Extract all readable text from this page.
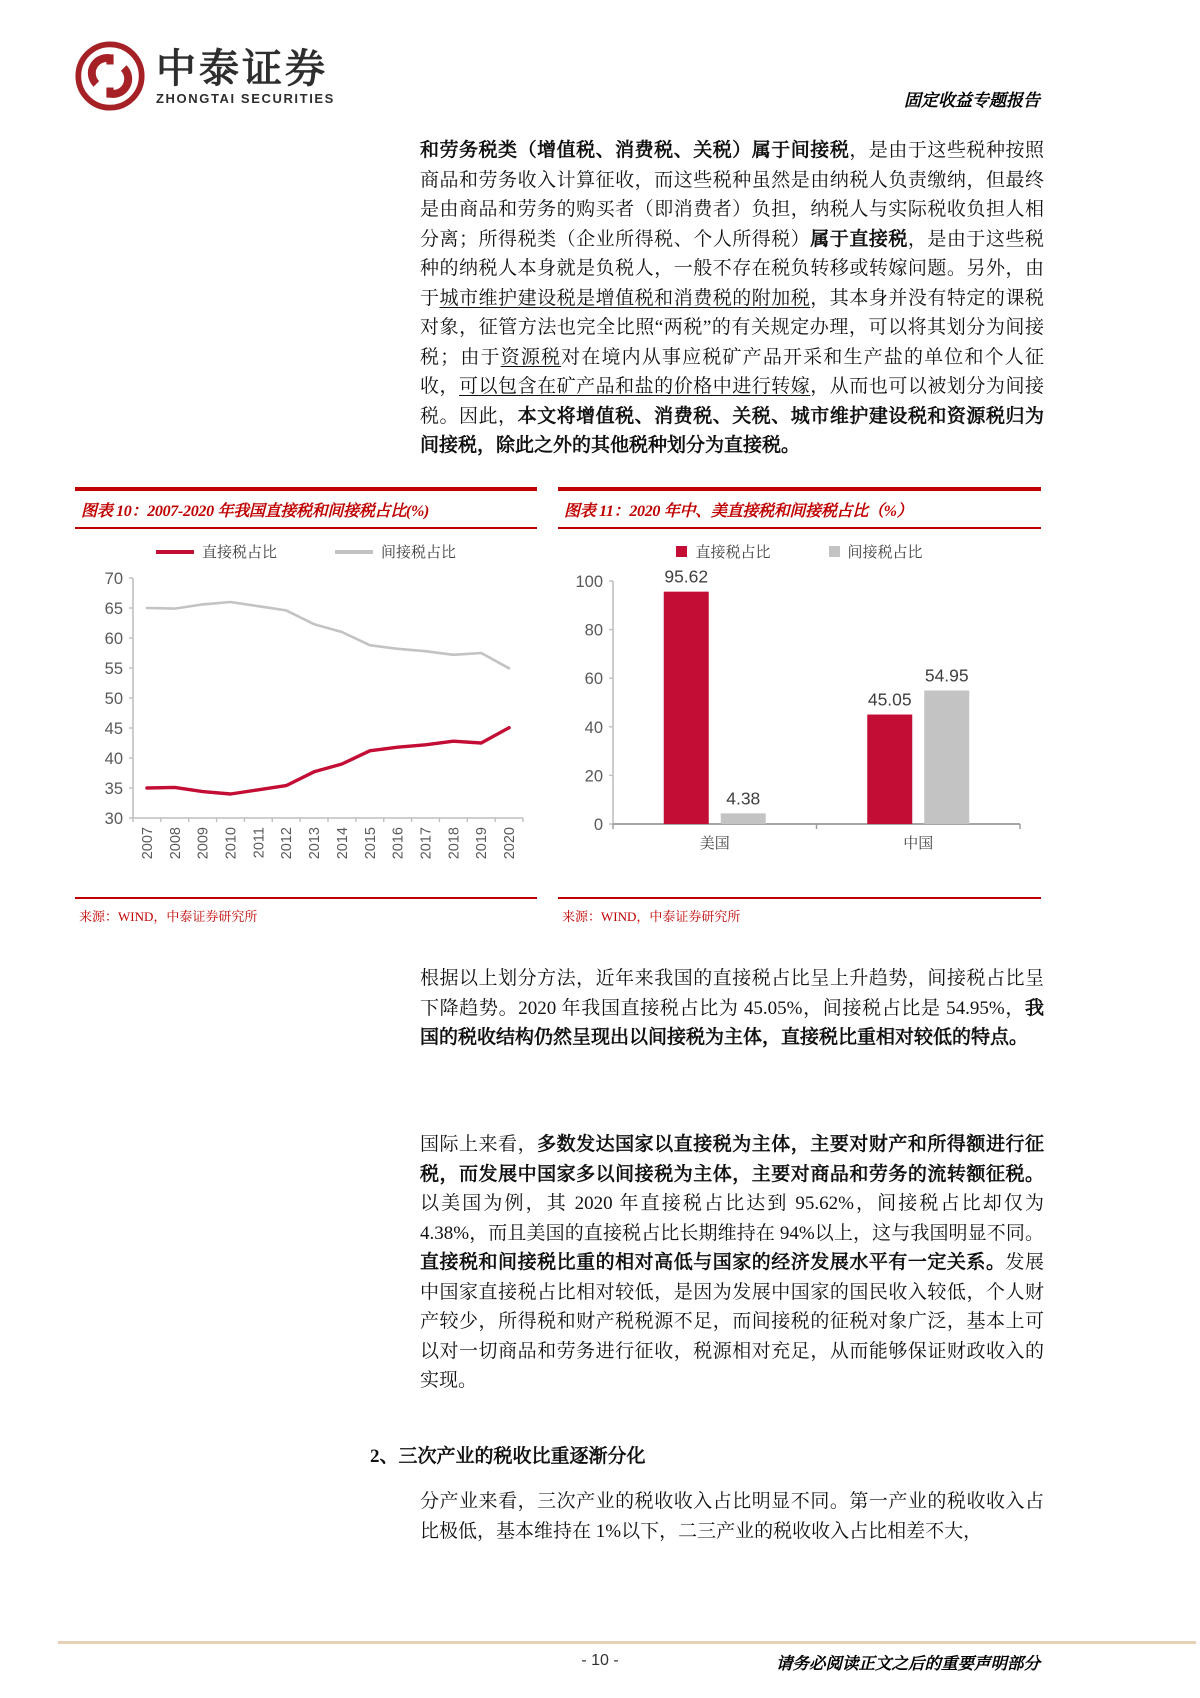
中泰证券
ZHONGTAI SECURITIES	固定收益专题报告

和劳务税类（增值税、消费税、关税）属于间接税，是由于这些税种按照商品和劳务收入计算征收，而这些税种虽然是由纳税人负责缴纳，但最终是由商品和劳务的购买者（即消费者）负担，纳税人与实际税收负担人相分离；所得税类（企业所得税、个人所得税）属于直接税，是由于这些税种的纳税人本身就是负税人，一般不存在税负转移或转嫁问题。另外，由于城市维护建设税是增值税和消费税的附加税，其本身并没有特定的课税对象，征管方法也完全比照“两税”的有关规定办理，可以将其划分为间接税；由于资源税对在境内从事应税矿产品开采和生产盐的单位和个人征收，可以包含在矿产品和盐的价格中进行转嫁，从而也可以被划分为间接税。因此，本文将增值税、消费税、关税、城市维护建设税和资源税归为间接税，除此之外的其他税种划分为直接税。

图表 10：2007-2020 年我国直接税和间接税占比(%)
直接税占比	间接税占比
30
35
40
45
50
55
60
65
70
2007 2008 2009 2010 2011 2012 2013 2014 2015 2016 2017 2018 2019 2020
来源：WIND，中泰证券研究所
图表 11：2020 年中、美直接税和间接税占比（%）
直接税占比	间接税占比
0
20
40
60
80
100	95.62
4.38
美国
45.05
54.95
中国
来源：WIND，中泰证券研究所

根据以上划分方法，近年来我国的直接税占比呈上升趋势，间接税占比呈下降趋势。2020 年我国直接税占比为 45.05%，间接税占比是 54.95%，我国的税收结构仍然呈现出以间接税为主体，直接税比重相对较低的特点。

国际上来看，多数发达国家以直接税为主体，主要对财产和所得额进行征税，而发展中国家多以间接税为主体，主要对商品和劳务的流转额征税。以美国为例，其 2020 年直接税占比达到 95.62%，间接税占比却仅为 4.38%，而且美国的直接税占比长期维持在 94%以上，这与我国明显不同。直接税和间接税比重的相对高低与国家的经济发展水平有一定关系。发展中国家直接税占比相对较低，是因为发展中国家的国民收入较低，个人财产较少，所得税和财产税税源不足，而间接税的征税对象广泛，基本上可以对一切商品和劳务进行征收，税源相对充足，从而能够保证财政收入的实现。

2、三次产业的税收比重逐渐分化

分产业来看，三次产业的税收收入占比明显不同。第一产业的税收收入占比极低，基本维持在 1%以下，二三产业的税收收入占比相差不大，

- 10 -	请务必阅读正文之后的重要声明部分
